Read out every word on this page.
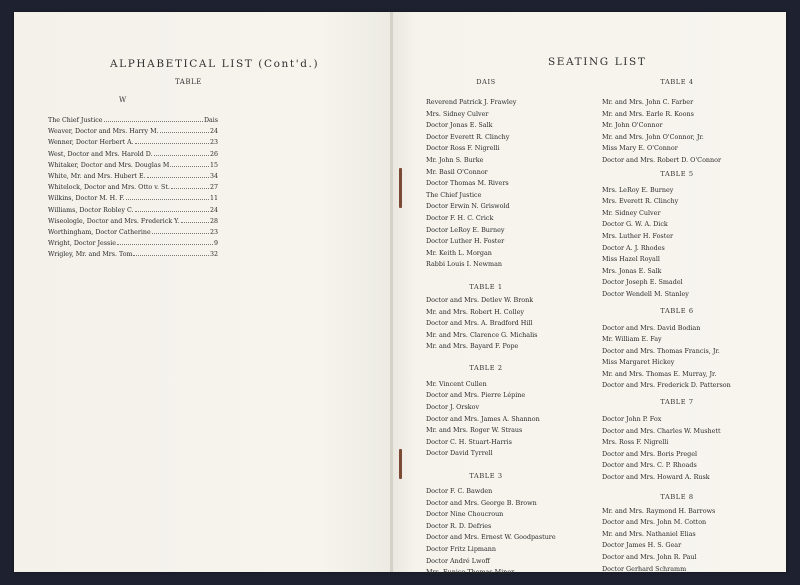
ALPHABETICAL LIST (Cont'd.)
TABLE
W
The Chief Justice	Dais
Weaver, Doctor and Mrs. Harry M.	24
Wenner, Doctor Herbert A.	23
West, Doctor and Mrs. Harold D.	26
Whitaker, Doctor and Mrs. Douglas M.	15
White, Mr. and Mrs. Hubert E.	34
Whitelock, Doctor and Mrs. Otto v. St.	27
Wilkins, Doctor M. H. F.	11
Williams, Doctor Robley C.	24
Wiseologle, Doctor and Mrs. Frederick Y.	28
Worthingham, Doctor Catherine	23
Wright, Doctor Jessie	9
Wrigley, Mr. and Mrs. Tom	32
SEATING LIST
DAIS
Reverend Patrick J. Frawley
Mrs. Sidney Culver
Doctor Jonas E. Salk
Doctor Everett R. Clinchy
Doctor Ross F. Nigrelli
Mr. John S. Burke
Mr. Basil O'Connor
Doctor Thomas M. Rivers
The Chief Justice
Doctor Erwin N. Griswold
Doctor F. H. C. Crick
Doctor LeRoy E. Burney
Doctor Luther H. Foster
Mr. Keith L. Morgan
Rabbi Louis I. Newman
TABLE 1
Doctor and Mrs. Detlev W. Bronk
Mr. and Mrs. Robert H. Colley
Doctor and Mrs. A. Bradford Hill
Mr. and Mrs. Clarence G. Michalis
Mr. and Mrs. Bayard F. Pope
TABLE 2
Mr. Vincent Cullen
Doctor and Mrs. Pierre Lépine
Doctor J. Orskov
Doctor and Mrs. James A. Shannon
Mr. and Mrs. Roger W. Straus
Doctor C. H. Stuart-Harris
Doctor David Tyrrell
TABLE 3
Doctor F. C. Bawden
Doctor and Mrs. George B. Brown
Doctor Nine Choucroun
Doctor R. D. Defries
Doctor and Mrs. Ernest W. Goodpasture
Doctor Fritz Lipmann
Doctor André Lwoff
Mrs. Eunice Thomas Miner
TABLE 4
Mr. and Mrs. John C. Farber
Mr. and Mrs. Earle R. Koons
Mr. John O'Connor
Mr. and Mrs. John O'Connor, Jr.
Miss Mary E. O'Connor
Doctor and Mrs. Robert D. O'Connor
TABLE 5
Mrs. LeRoy E. Burney
Mrs. Everett R. Clinchy
Mr. Sidney Culver
Doctor G. W. A. Dick
Mrs. Luther H. Foster
Doctor A. J. Rhodes
Miss Hazel Royall
Mrs. Jonas E. Salk
Doctor Joseph E. Smadel
Doctor Wendell M. Stanley
TABLE 6
Doctor and Mrs. David Bodian
Mr. William E. Fay
Doctor and Mrs. Thomas Francis, Jr.
Miss Margaret Hickey
Mr. and Mrs. Thomas E. Murray, Jr.
Doctor and Mrs. Frederick D. Patterson
TABLE 7
Doctor John P. Fox
Doctor and Mrs. Charles W. Mushett
Mrs. Ross F. Nigrelli
Doctor and Mrs. Boris Pregel
Doctor and Mrs. C. P. Rhoads
Doctor and Mrs. Howard A. Rusk
TABLE 8
Mr. and Mrs. Raymond H. Barrows
Doctor and Mrs. John M. Cotton
Mr. and Mrs. Nathaniel Elias
Doctor James H. S. Gear
Doctor and Mrs. John R. Paul
Doctor Gerhard Schramm
